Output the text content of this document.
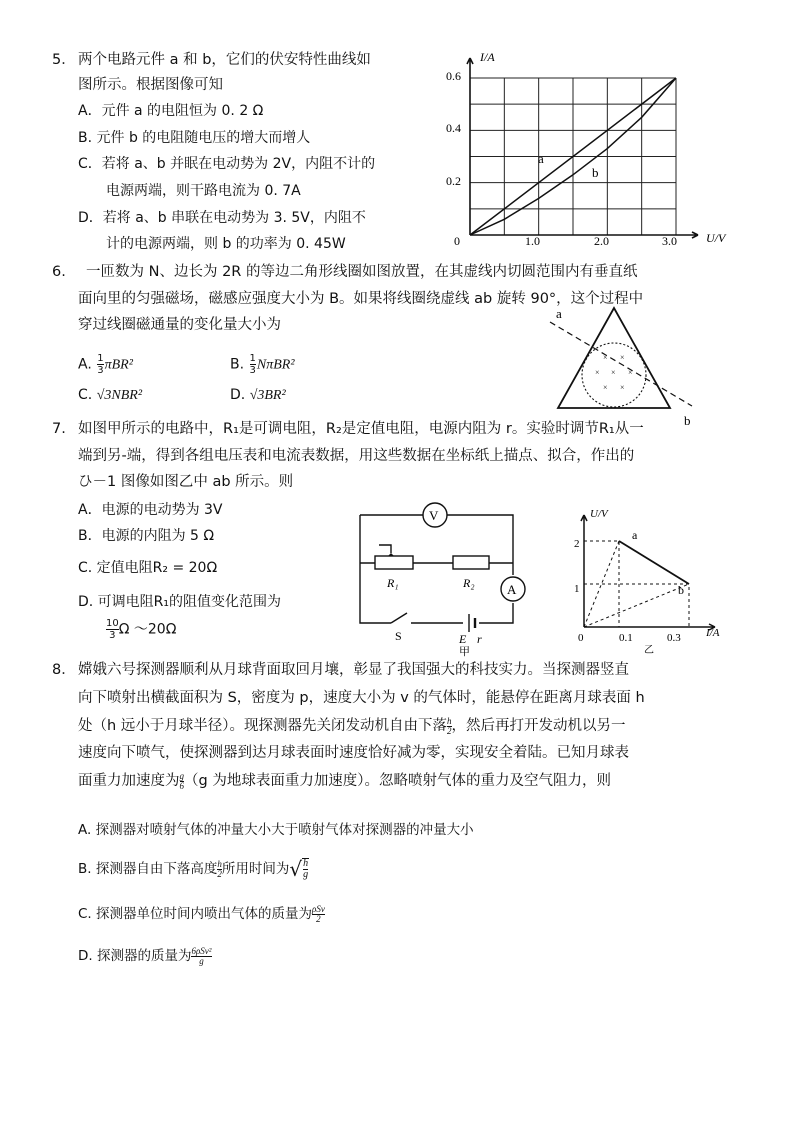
5． 两个电路元件 a 和 b，它们的伏安特性曲线如
图所示。根据图像可知
A．元件 a 的电阻恒为 0. 2 Ω
B. 元件 b 的电阻随电压的增大而增人
C．若将 a、b 并眠在电动势为 2V，内阻不计的
电源两端，则干路电流为 0. 7A
D．若将 a、b 串联在电动势为 3. 5V，内阻不
计的电源两端，则 b 的功率为 0. 45W
I/A
U/V
0
0.6
0.4
0.2
1.0	2.0	3.0
a
b
6. 一匝数为 N、边长为 2R 的等边二角形线圈如图放置，在其虚线内切圆范围内有垂直纸
面向里的匀强磁场，磁感应强度大小为 B。如果将线圈绕虚线 ab 旋转 90°，这个过程中
穿过线圈磁通量的变化量大小为
A. $\frac{1}{3} \pi BR^2$	B. $\frac{1}{3} N\pi BR^2$
C. √3NBR²	D. √3BR²
× ×
× × ×
× ×
a
b
7. 如图甲所示的电路中，R₁是可调电阻，R₂是定值电阻，电源内阻为 r。实验时调节R₁从一
端到另-端，得到各组电压表和电流表数据，用这些数据在坐标纸上描点、拟合，作出的
ひ－1 图像如图乙中 ab 所示。则
A．电源的电动势为 3V
B．电源的内阻为 5 Ω
C. 定值电阻R₂ = 20Ω
D. 可调电阻R₁的阻值变化范围为
$\frac{10}{3}$ Ω ～20Ω
V
R₁	R₂ A
S	E r
甲
U/V
I/A
0
2
1
0.1	0.3
a
b
乙
8． 嫦娥六号探测器顺利从月球背面取回月壤，彰显了我国强大的科技实力。当探测器竖直
向下喷射出横截面积为 S，密度为 p，速度大小为 v 的气体时，能悬停在距离月球表面 h
处（h 远小于月球半径）。现探测器先关闭发动机自由下落 $\frac{h}{2}$ ，然后再打开发动机以另一
速度向下喷气，使探测器到达月球表面时速度恰好减为零，实现安全着陆。已知月球表
面重力加速度为 $\frac{g}{6} (g$ 为地球表面重力加速度）。忽略喷射气体的重力及空气阻力，则
A. 探测器对喷射气体的冲量大小大于喷射气体对探测器的冲量大小
B. 探测器自由下落高度 $\frac{h}{2}$ 所用时间为√ $\frac{h}{g}$
C. 探测器单位时间内喷出气体的质量为 ρSv
2
D. 探测器的质量为 6ρSv²
g
